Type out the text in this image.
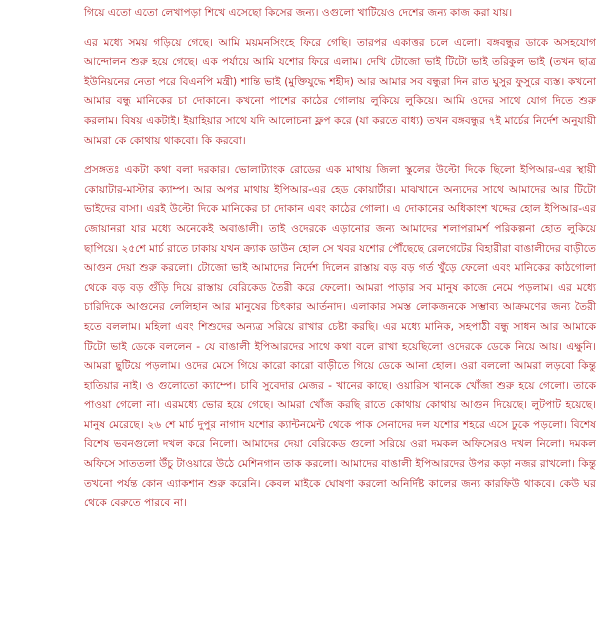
গিয়ে এতো এতো লেখাপড়া শিখে এসেছো কিসের জন্য। ওগুলো খাটিয়েও দেশের জন্য কাজ করা যায়।

এর মধ্যে সময় গড়িয়ে গেছে। আমি ময়মনসিংহে ফিরে গেছি। তারপর একাত্তর চলে এলো। বঙ্গবন্ধুর ডাকে অসহযোগ আন্দোলন শুরু হয়ে গেছে। এক পর্যায়ে আমি যশোর ফিরে এলাম। দেখি টোজো ভাই টিটো ভাই তরিকুল ভাই (তখন ছাত্র ইউনিয়নের নেতা পরে বিএনপি মন্ত্রী) শান্তি ভাই (মুক্তিযুদ্ধে শহীদ) আর আমার সব বন্ধুরা দিন রাত ঘুসুর ফুসুরে ব্যস্ত। কখনো আমার বন্ধু মানিকের চা দোকানে। কখনো পাশের কাঠের গোলায় লুকিয়ে লুকিয়ে। আমি ওদের সাথে যোগ দিতে শুরু করলাম। বিষয় একটাই। ইয়াহিয়ার সাথে যদি আলোচনা ফ্লপ করে (যা করতে বাধ্য) তখন বঙ্গবন্ধুর ৭ই মার্চের নির্দেশ অনুযায়ী আমরা কে কোথায় থাকবো। কি করবো।

প্রসঙ্গতঃ একটা কথা বলা দরকার। ভোলাট্যাংক রোডের এক মাথায় জিলা স্কুলের উল্টো দিকে ছিলো ইপিআর-এর স্থায়ী কোয়াটার-মাস্টার ক্যাম্প। আর অপর মাথায় ইপিআর-এর হেড কোয়ার্টার। মাঝখানে অন্যদের সাথে আমাদের আর টিটো ভাইদের বাসা। এরই উল্টো দিকে মানিকের চা দোকান এবং কাঠের গোলা। এ দোকানের অধিকাংশ খদ্দের হোল ইপিআর-এর জোয়ানরা যার মধ্যে অনেকেই অবাঙালী। তাই ওদেরকে এড়ানোর জন্য আমাদের শলাপরামর্শ পরিকল্পনা হোত লুকিয়ে ছাপিয়ে। ২৫শে মার্চ রাতে ঢাকায় যখন ক্র্যাক ডাউন হোল সে খবর যশোর পৌঁছেছে রেলগেটের বিহারীরা বাঙালীদের বাড়ীতে আগুন দেয়া শুরু করলো। টোজো ভাই আমাদের নির্দেশ দিলেন রাস্তায় বড় বড় গর্ত খুঁড়ে ফেলো এবং মানিকের কাঠগোলা থেকে বড় বড় গুঁড়ি দিয়ে রাস্তায় বেরিকেড তৈরী করে ফেলো। আমরা পাড়ার সব মানুষ কাজে নেমে পড়লাম। এর মধ্যে চারিদিকে আগুনের লেলিহান আর মানুষের চিৎকার আর্তনাদ। এলাকার সমস্ত লোকজনকে সম্ভাব্য আক্রমণের জন্য তৈরী হতে বললাম। মহিলা এবং শিশুদের অন্যত্র সরিয়ে রাখার চেষ্টা করছি। এর মধ্যে মানিক, সহপাঠী বন্ধু সাধন আর আমাকে টিটো ভাই ডেকে বললেন - যে বাঙালী ইপিআরদের সাথে কথা বলে রাখা হয়েছিলো ওদেরকে ডেকে নিয়ে আয়। এক্ষুনি। আমরা ছুটিয়ে পড়লাম। ওদের মেসে গিয়ে কারো কারো বাড়ীতে গিয়ে ডেকে আনা হোল। ওরা বললো আমরা লড়বো কিন্তু হাতিয়ার নাই। ও গুলোতো ক্যাম্পে। চাবি সুবেদার মেজর - খানের কাছে। ওয়ারিস খানকে খোঁজা শুরু হয়ে গেলো। তাকে পাওয়া গেলো না। এরমধ্যে ভোর হয়ে গেছে। আমরা খোঁজ করছি রাতে কোথায় কোথায় আগুন দিয়েছে। লুটপাট হয়েছে। মানুষ মেরেছে। ২৬ শে মার্চ দুপুর নাগাদ যশোর ক্যান্টনমেন্ট থেকে পাক সেনাদের দল যশোর শহরে এসে ঢুকে পড়লো। বিশেষ বিশেষ ভবনগুলো দখল করে নিলো। আমাদের দেয়া বেরিকেড গুলো সরিয়ে ওরা দমকল অফিসেরও দখল নিলো। দমকল অফিসে সাততলা উঁচু টাওয়ারে উঠে মেশিনগান তাক করলো। আমাদের বাঙালী ইপিআরদের উপর কড়া নজর রাখলো। কিন্তু তখনো পর্যন্ত কোন এ্যাকশান শুরু করেনি। কেবল মাইকে ঘোষণা করলো অনির্দিষ্ট কালের জন্য কারফিউ থাকবে। কেউ ঘর থেকে বেরুতে পারবে না।
